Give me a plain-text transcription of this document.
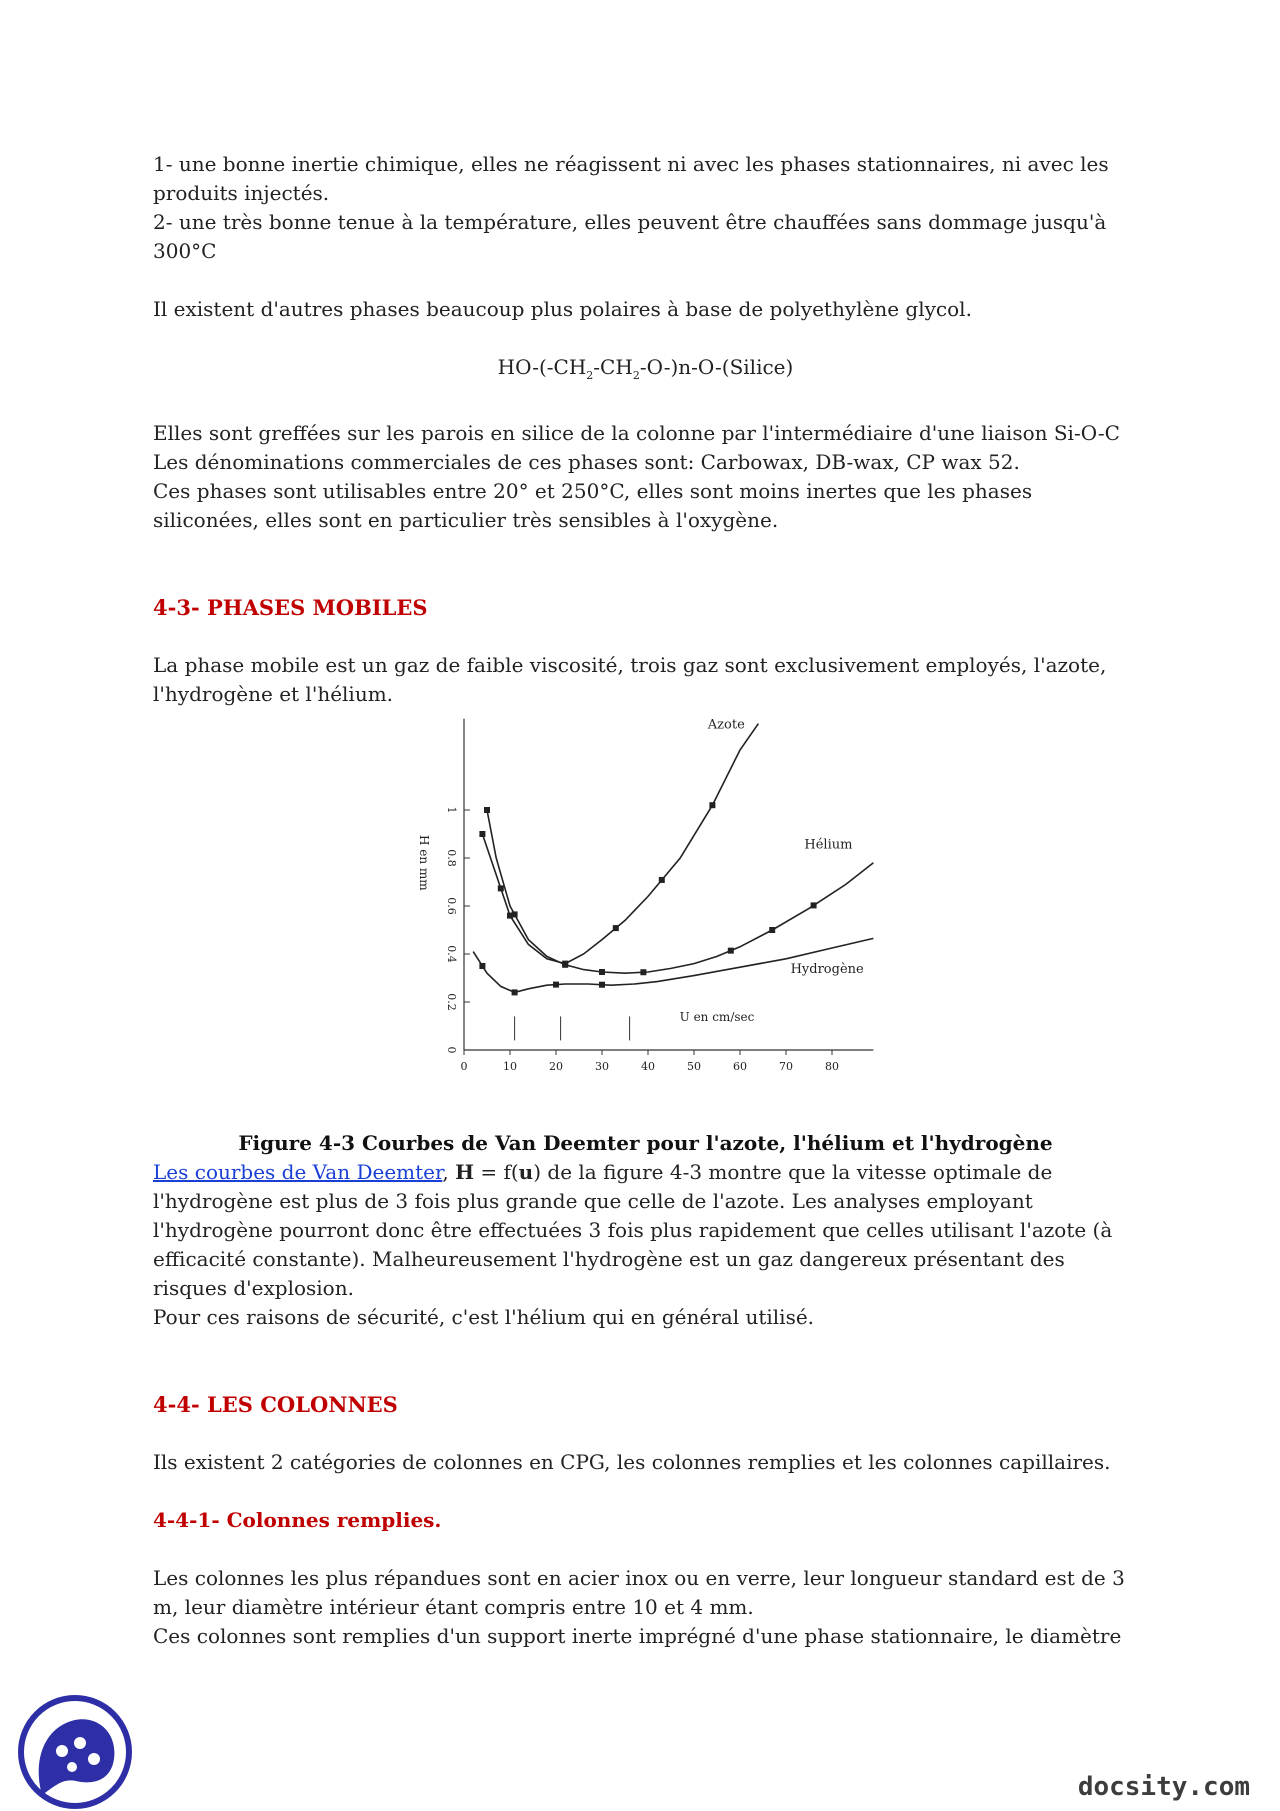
1- une bonne inertie chimique, elles ne réagissent ni avec les phases stationnaires, ni avec les produits injectés.

2- une très bonne tenue à la température, elles peuvent être chauffées sans dommage jusqu'à 300°C

Il existent d'autres phases beaucoup plus polaires à base de polyethylène glycol.

$HO-(-CH_2-CH_2-O-)n-O-(Silice)$

Elles sont greffées sur les parois en silice de la colonne par l'intermédiaire d'une liaison Si-O-C

Les dénominations commerciales de ces phases sont: Carbowax, DB-wax, CP wax 52.

Ces phases sont utilisables entre 20° et 250°C, elles sont moins inertes que les phases siliconées, elles sont en particulier très sensibles à l'oxygène.

4-3- PHASES MOBILES

La phase mobile est un gaz de faible viscosité, trois gaz sont exclusivement employés, l'azote, l'hydrogène et l'hélium.

0	10	20	30	40	50	60	70	80
0
0.2
0.4
0.6
0.8
1
H en mm
U en cm/sec
Azote
Hélium
Hydrogène

Figure 4-3 Courbes de Van Deemter pour l'azote, l'hélium et l'hydrogène

Les courbes de Van Deemter, H = f(u) de la figure 4-3 montre que la vitesse optimale de l'hydrogène est plus de 3 fois plus grande que celle de l'azote. Les analyses employant l'hydrogène pourront donc être effectuées 3 fois plus rapidement que celles utilisant l'azote (à efficacité constante). Malheureusement l'hydrogène est un gaz dangereux présentant des risques d'explosion.

Pour ces raisons de sécurité, c'est l'hélium qui en général utilisé.

4-4- LES COLONNES

Ils existent 2 catégories de colonnes en CPG, les colonnes remplies et les colonnes capillaires.

4-4-1- Colonnes remplies.

Les colonnes les plus répandues sont en acier inox ou en verre, leur longueur standard est de 3 m, leur diamètre intérieur étant compris entre 10 et 4 mm.

Ces colonnes sont remplies d'un support inerte imprégné d'une phase stationnaire, le diamètre

docsity.com
